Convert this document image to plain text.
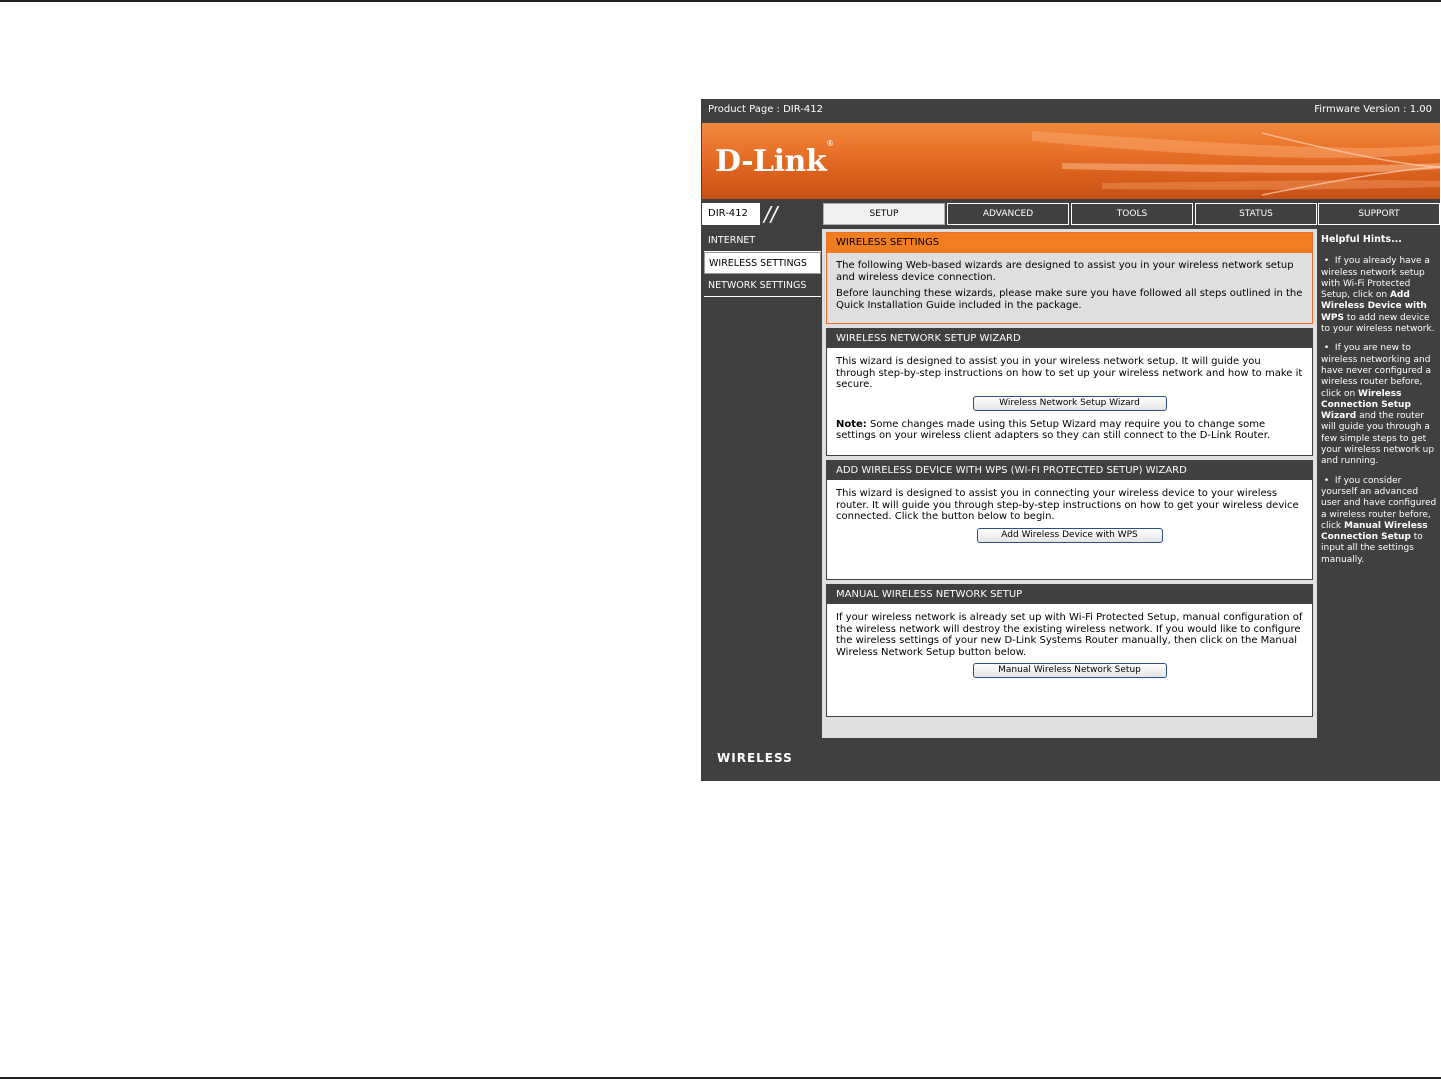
Product Page : DIR-412	Firmware Version : 1.00
D-Link®
DIR-412 //	SETUP	ADVANCED	TOOLS	STATUS	SUPPORT
INTERNET
WIRELESS SETTINGS
NETWORK SETTINGS
WIRELESS SETTINGS

The following Web-based wizards are designed to assist you in your wireless network setup and wireless device connection.

Before launching these wizards, please make sure you have followed all steps outlined in the Quick Installation Guide included in the package.

WIRELESS NETWORK SETUP WIZARD

This wizard is designed to assist you in your wireless network setup. It will guide you through step-by-step instructions on how to set up your wireless network and how to make it secure.

Wireless Network Setup Wizard

Note: Some changes made using this Setup Wizard may require you to change some settings on your wireless client adapters so they can still connect to the D-Link Router.

ADD WIRELESS DEVICE WITH WPS (WI-FI PROTECTED SETUP) WIZARD

This wizard is designed to assist you in connecting your wireless device to your wireless router. It will guide you through step-by-step instructions on how to get your wireless device connected. Click the button below to begin.

Add Wireless Device with WPS
MANUAL WIRELESS NETWORK SETUP

If your wireless network is already set up with Wi-Fi Protected Setup, manual configuration of the wireless network will destroy the existing wireless network. If you would like to configure the wireless settings of your new D-Link Systems Router manually, then click on the Manual Wireless Network Setup button below.

Manual Wireless Network Setup
Helpful Hints...
• If you already have a wireless network setup with Wi-Fi Protected Setup, click on Add Wireless Device with WPS to add new device to your wireless network.
• If you are new to wireless networking and have never configured a wireless router before, click on Wireless Connection Setup Wizard and the router will guide you through a few simple steps to get your wireless network up and running.
• If you consider yourself an advanced user and have configured a wireless router before, click Manual Wireless Connection Setup to input all the settings manually.
WIRELESS
